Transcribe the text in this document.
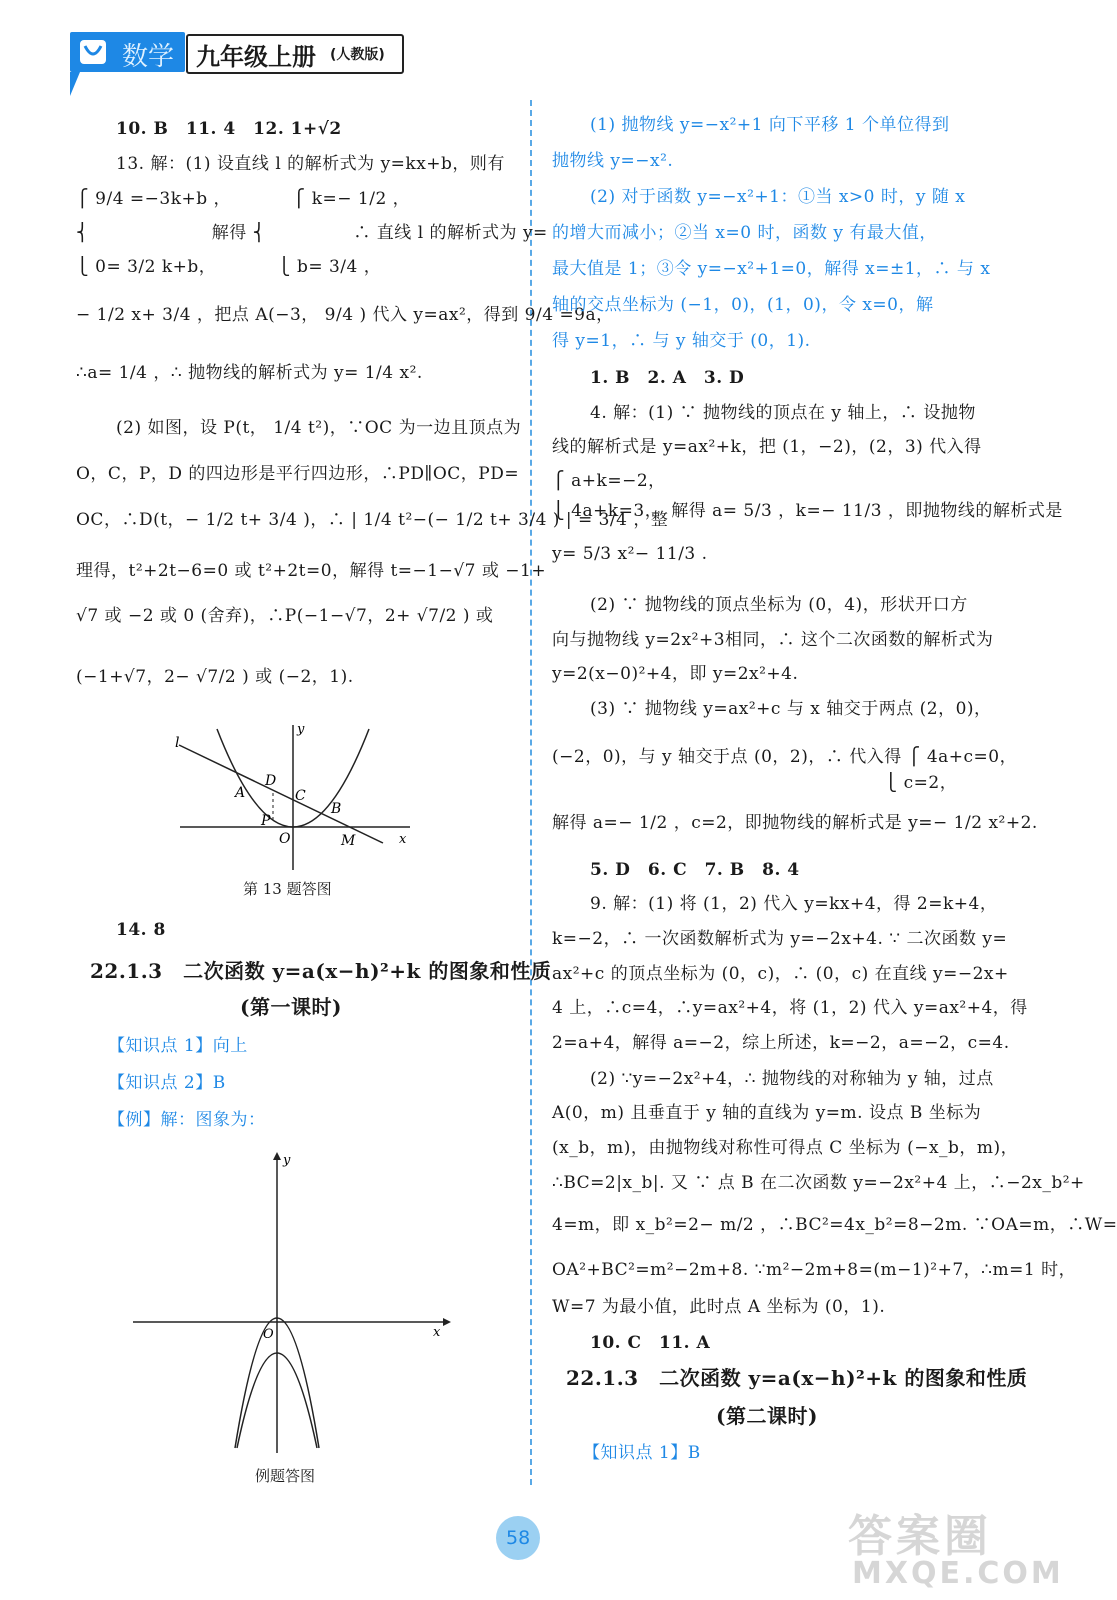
数学 九年级上册 (人教版)
10. B　11. 4　12. 1+√2
13. 解：(1) 设直线 l 的解析式为 y=kx+b，则有
⎧ 9/4 =−3k+b ，　　　　⎧ k=− 1/2 ，
⎨　　　　　　　解得 ⎨　　　　　∴ 直线 l 的解析式为 y=
⎩ 0= 3/2 k+b，　　　　⎩ b= 3/4 ，
− 1/2 x+ 3/4 ，把点 A(−3， 9/4 ) 代入 y=ax²，得到 9/4 =9a，
∴a= 1/4 ，∴ 抛物线的解析式为 y= 1/4 x².
(2) 如图，设 P(t， 1/4 t²)，∵OC 为一边且顶点为
O，C，P，D 的四边形是平行四边形，∴PD∥OC，PD=
OC，∴D(t，− 1/2 t+ 3/4 )，∴ | 1/4 t²−(− 1/2 t+ 3/4 ) | = 3/4 ，整
理得，t²+2t−6=0 或 t²+2t=0，解得 t=−1−√7 或 −1+
√7 或 −2 或 0 (舍弃)，∴P(−1−√7，2+ √7/2 ) 或
(−1+√7，2− √7/2 ) 或 (−2，1).
l
y
x
D
A	C
B
P
O	M
第 13 题答图
14. 8
22.1.3　二次函数 y=a(x−h)²+k 的图象和性质
(第一课时)
【知识点 1】向上
【知识点 2】B
【例】解：图象为：
y
x
O
例题答图
(1) 抛物线 y=−x²+1 向下平移 1 个单位得到
抛物线 y=−x².
(2) 对于函数 y=−x²+1：①当 x>0 时，y 随 x
的增大而减小；②当 x=0 时，函数 y 有最大值，
最大值是 1；③令 y=−x²+1=0，解得 x=±1，∴ 与 x
轴的交点坐标为 (−1，0)，(1，0)，令 x=0，解
得 y=1，∴ 与 y 轴交于 (0，1).
1. B　2. A　3. D
4. 解：(1) ∵ 抛物线的顶点在 y 轴上，∴ 设抛物
线的解析式是 y=ax²+k，把 (1，−2)，(2，3) 代入得
⎧ a+k=−2，
⎩ 4a+k=3，　解得 a= 5/3 ，k=− 11/3 ，即抛物线的解析式是
y= 5/3 x²− 11/3 .
(2) ∵ 抛物线的顶点坐标为 (0，4)，形状开口方
向与抛物线 y=2x²+3相同，∴ 这个二次函数的解析式为
y=2(x−0)²+4，即 y=2x²+4.
(3) ∵ 抛物线 y=ax²+c 与 x 轴交于两点 (2，0)，
(−2，0)，与 y 轴交于点 (0，2)，∴ 代入得 ⎧ 4a+c=0，
　　　　　　　　　　　　　　　　　　　⎩ c=2，
解得 a=− 1/2 ，c=2，即抛物线的解析式是 y=− 1/2 x²+2.
5. D　6. C　7. B　8. 4
9. 解：(1) 将 (1，2) 代入 y=kx+4，得 2=k+4，
k=−2，∴ 一次函数解析式为 y=−2x+4. ∵ 二次函数 y=
ax²+c 的顶点坐标为 (0，c)，∴ (0，c) 在直线 y=−2x+
4 上，∴c=4，∴y=ax²+4，将 (1，2) 代入 y=ax²+4，得
2=a+4，解得 a=−2，综上所述，k=−2，a=−2，c=4.
(2) ∵y=−2x²+4，∴ 抛物线的对称轴为 y 轴，过点
A(0，m) 且垂直于 y 轴的直线为 y=m. 设点 B 坐标为
(x_b，m)，由抛物线对称性可得点 C 坐标为 (−x_b，m)，
∴BC=2|x_b|. 又 ∵ 点 B 在二次函数 y=−2x²+4 上，∴−2x_b²+
4=m，即 x_b²=2− m/2 ，∴BC²=4x_b²=8−2m. ∵OA=m，∴W=
OA²+BC²=m²−2m+8. ∵m²−2m+8=(m−1)²+7，∴m=1 时，
W=7 为最小值，此时点 A 坐标为 (0，1).
10. C　11. A
22.1.3　二次函数 y=a(x−h)²+k 的图象和性质
(第二课时)
【知识点 1】B
58	答案圈
MXQE.COM
